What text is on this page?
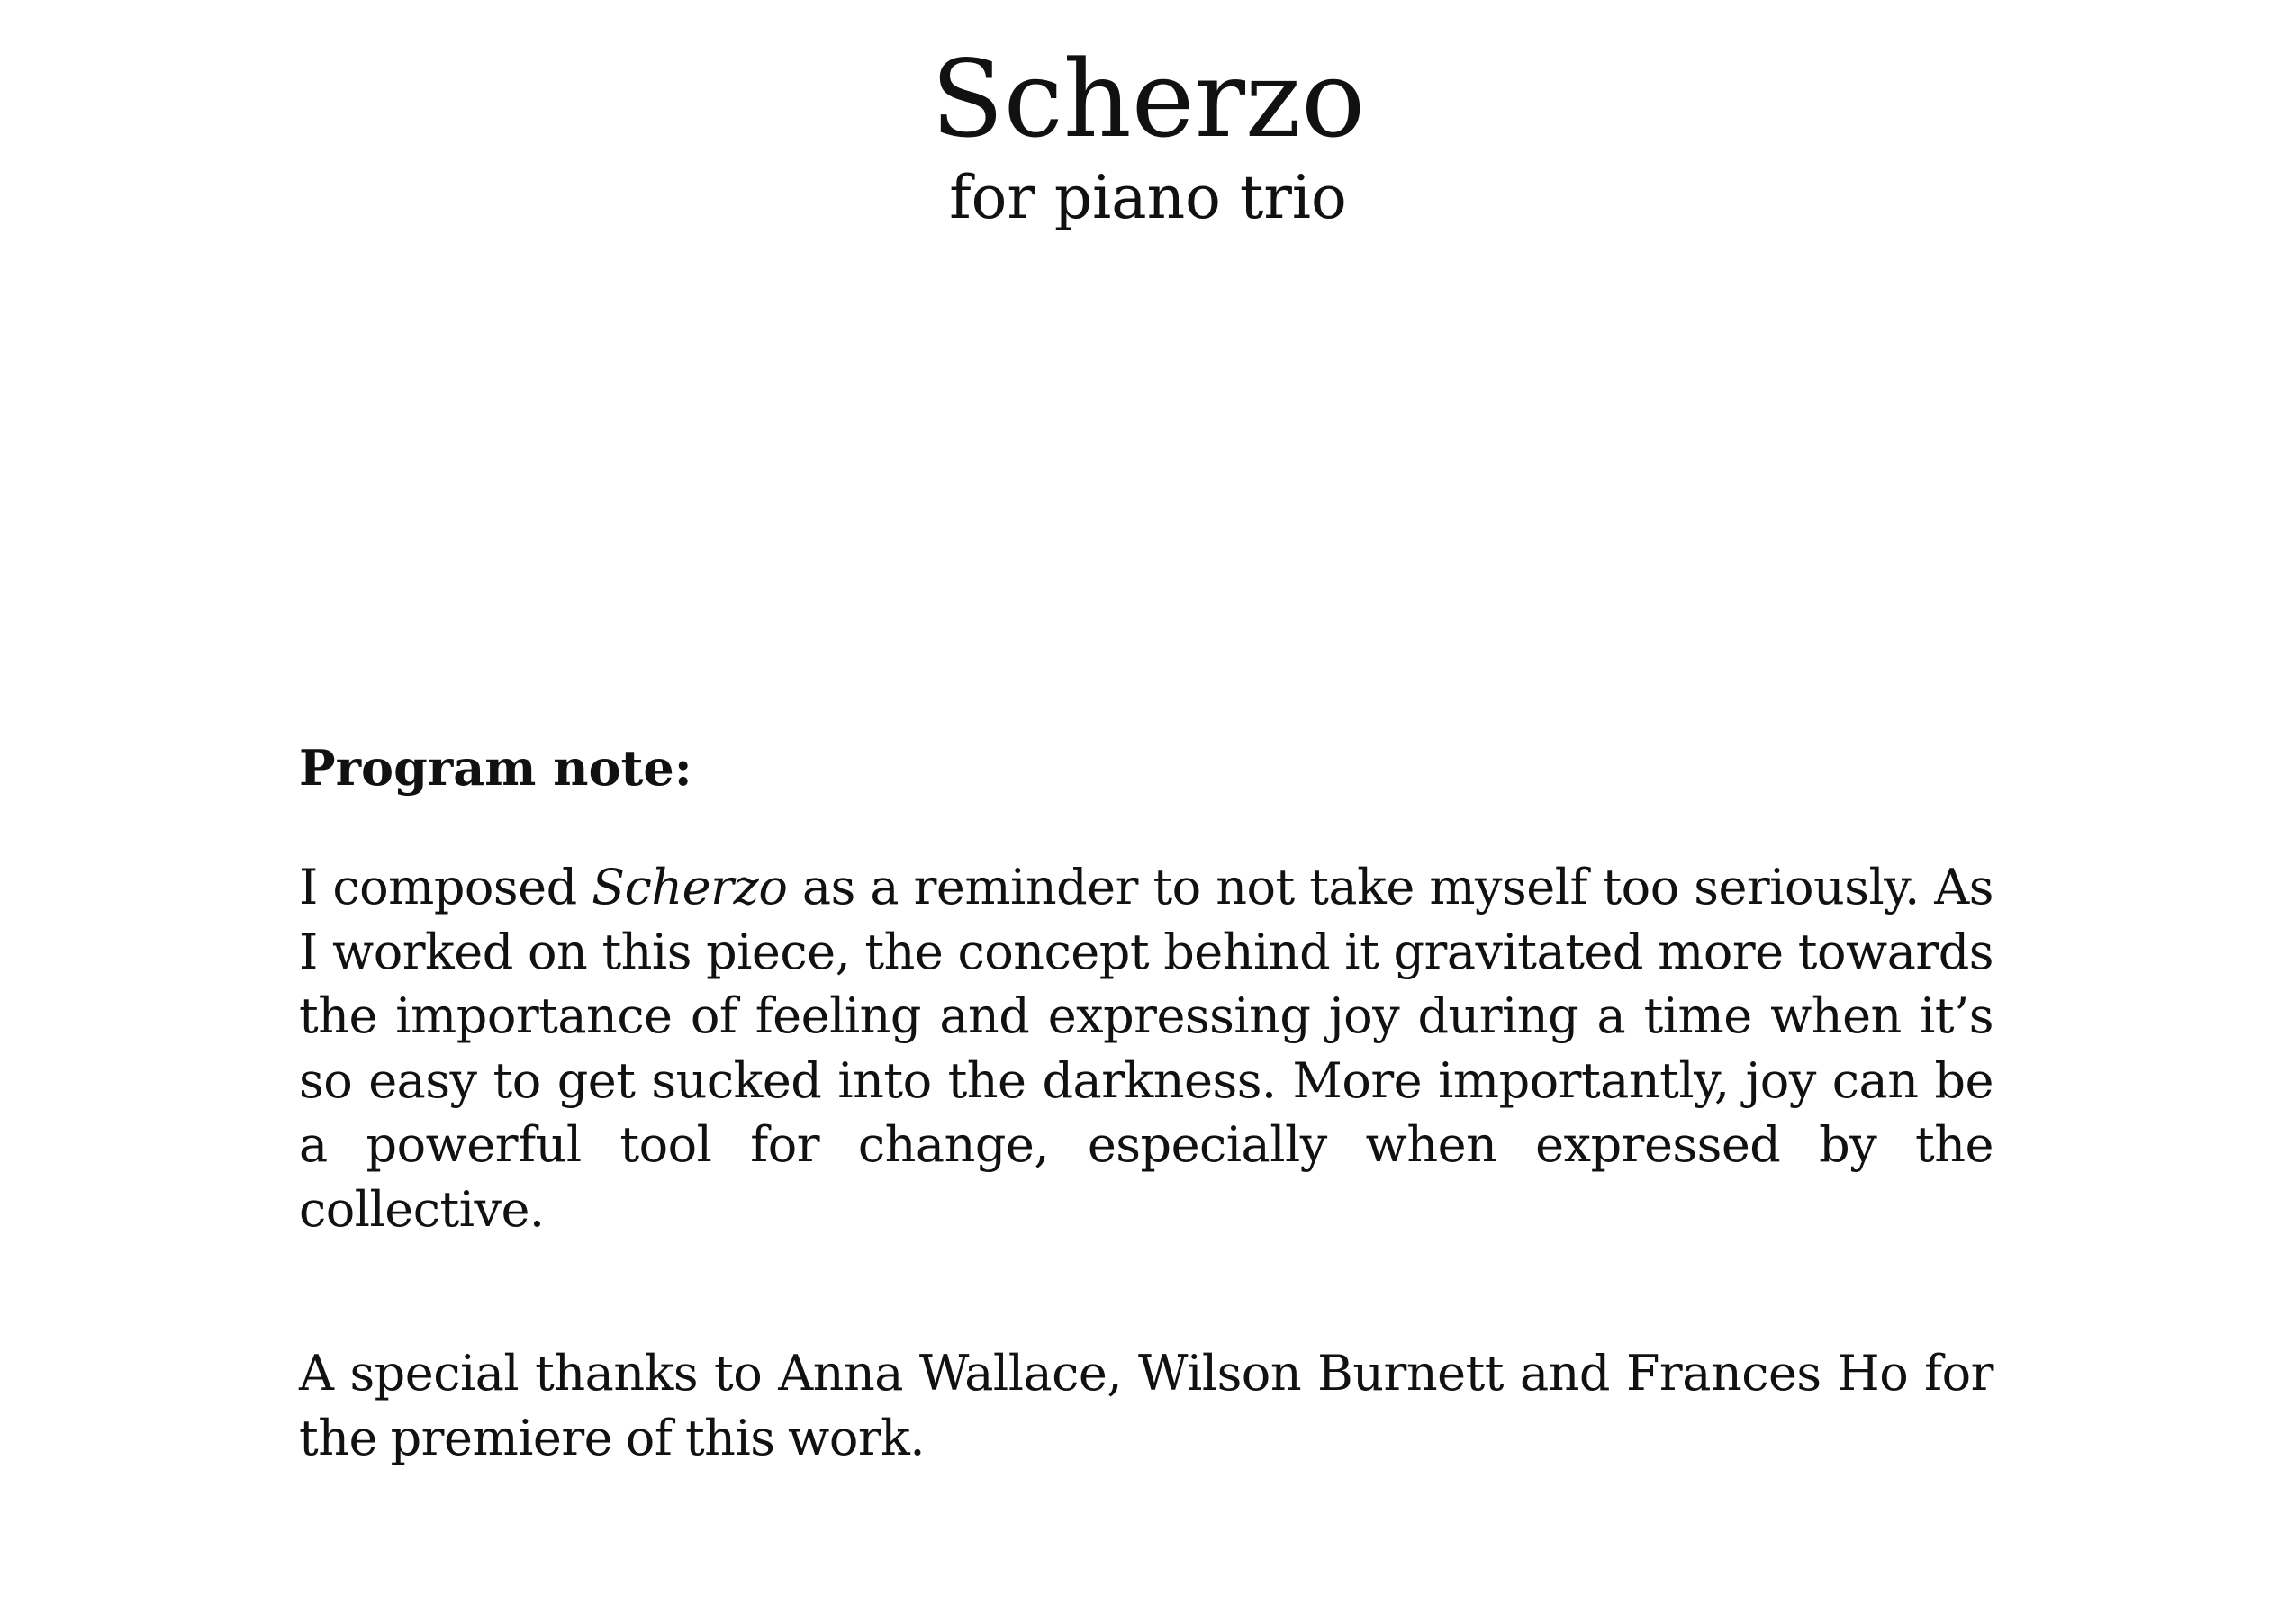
Scherzo

for piano trio

Program note:

I composed Scherzo as a reminder to not take myself too seriously. As I worked on this piece, the concept behind it gravitated more towards the importance of feeling and expressing joy during a time when it’s so easy to get sucked into the darkness. More importantly, joy can be a powerful tool for change, especially when expressed by the collective.

A special thanks to Anna Wallace, Wilson Burnett and Frances Ho for the premiere of this work.
